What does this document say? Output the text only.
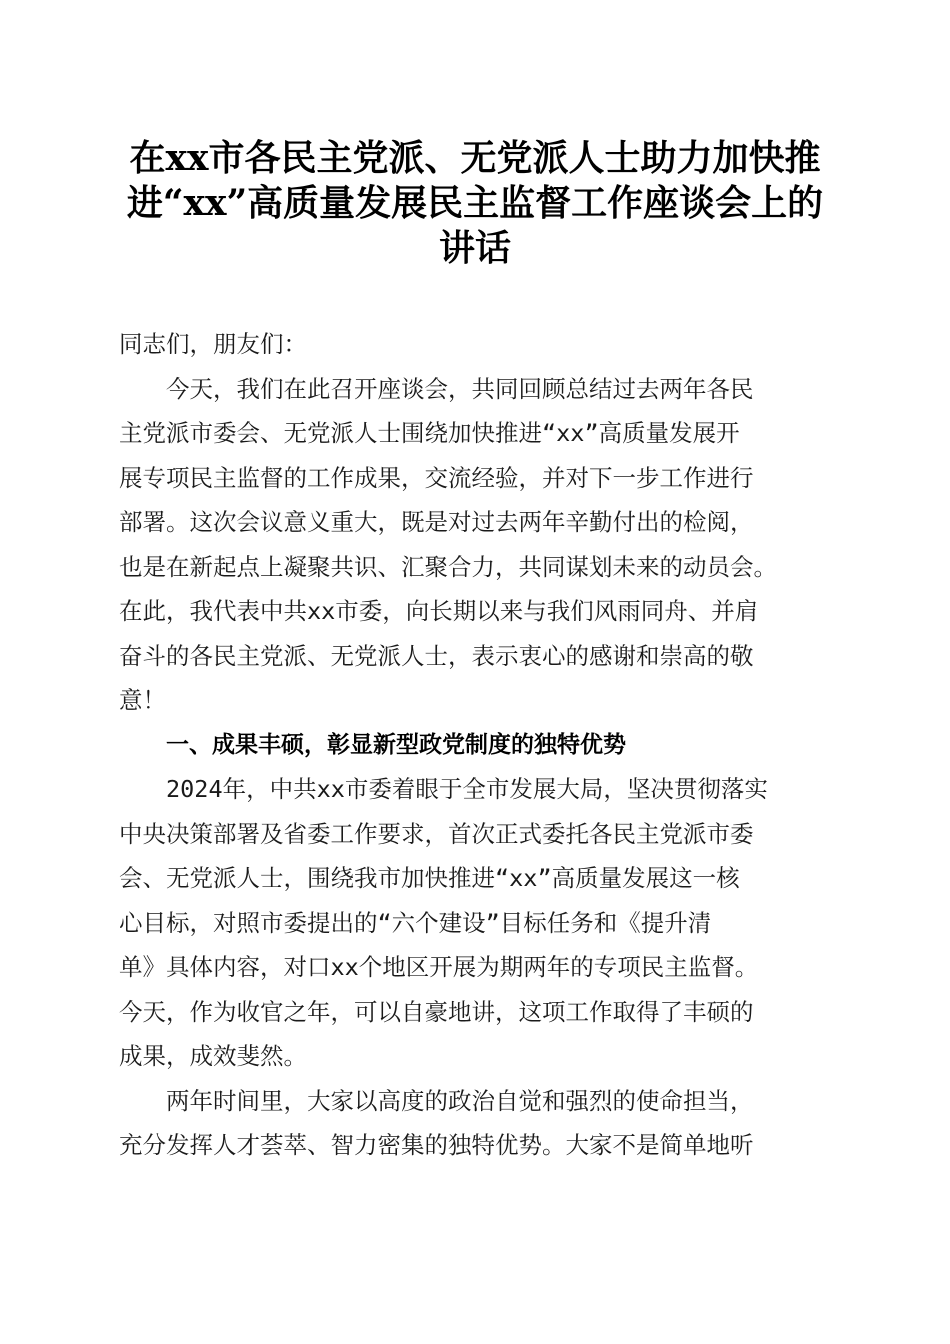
在xx市各民主党派、无党派人士助力加快推
进“xx”高质量发展民主监督工作座谈会上的
讲话
同志们，朋友们：
今天，我们在此召开座谈会，共同回顾总结过去两年各民
主党派市委会、无党派人士围绕加快推进“xx”高质量发展开
展专项民主监督的工作成果，交流经验，并对下一步工作进行
部署。这次会议意义重大，既是对过去两年辛勤付出的检阅，
也是在新起点上凝聚共识、汇聚合力，共同谋划未来的动员会。
在此，我代表中共xx市委，向长期以来与我们风雨同舟、并肩
奋斗的各民主党派、无党派人士，表示衷心的感谢和崇高的敬
意！
一、成果丰硕，彰显新型政党制度的独特优势
2024年，中共xx市委着眼于全市发展大局，坚决贯彻落实
中央决策部署及省委工作要求，首次正式委托各民主党派市委
会、无党派人士，围绕我市加快推进“xx”高质量发展这一核
心目标，对照市委提出的“六个建设”目标任务和《提升清
单》具体内容，对口xx个地区开展为期两年的专项民主监督。
今天，作为收官之年，可以自豪地讲，这项工作取得了丰硕的
成果，成效斐然。
两年时间里，大家以高度的政治自觉和强烈的使命担当，
充分发挥人才荟萃、智力密集的独特优势。大家不是简单地听
